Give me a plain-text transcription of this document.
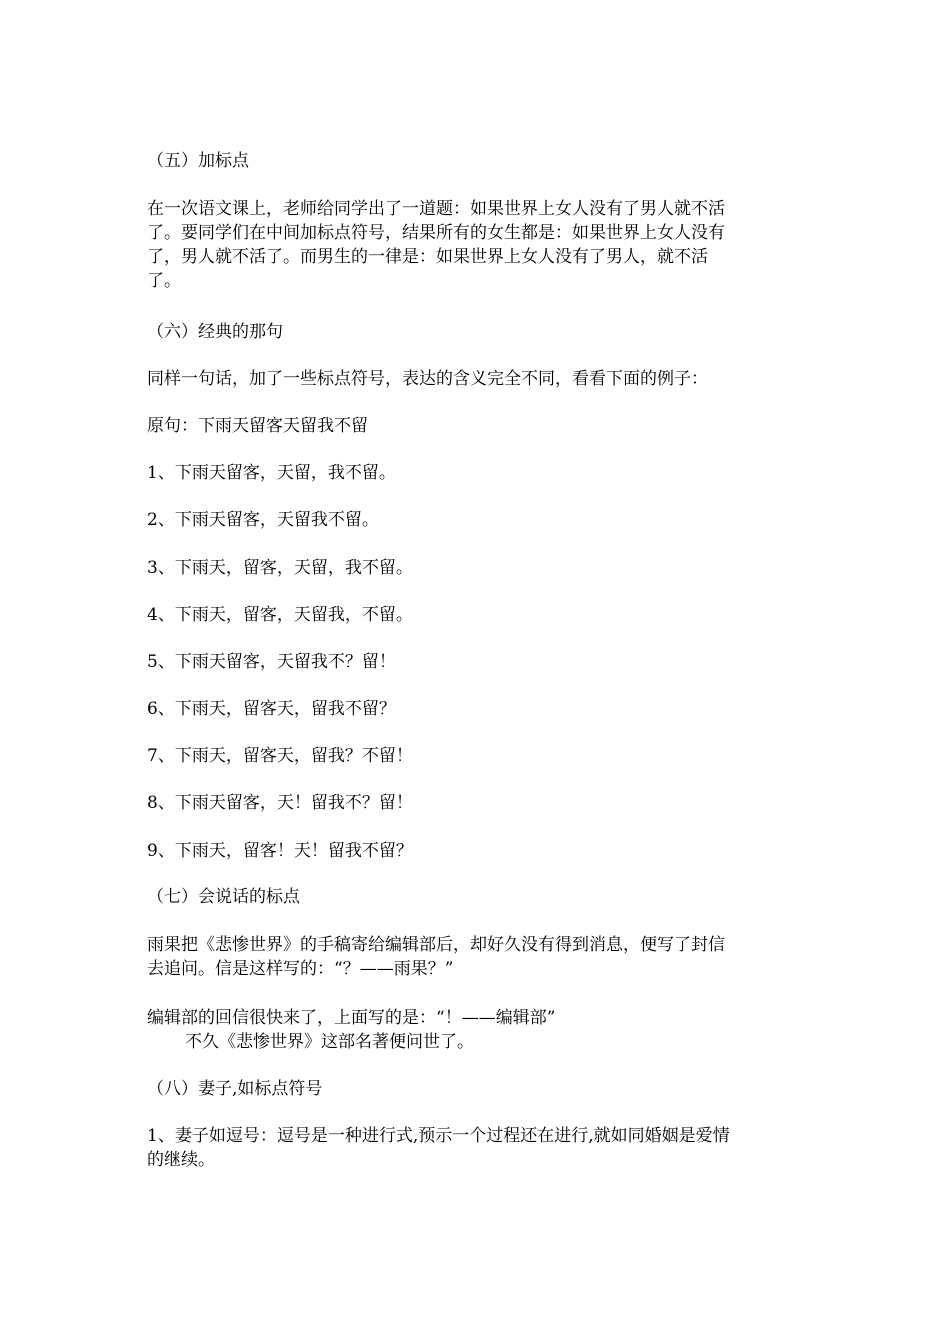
（五）加标点
在一次语文课上，老师给同学出了一道题：如果世界上女人没有了男人就不活
了。要同学们在中间加标点符号，结果所有的女生都是：如果世界上女人没有
了，男人就不活了。而男生的一律是：如果世界上女人没有了男人，就不活
了。
（六）经典的那句
同样一句话，加了一些标点符号，表达的含义完全不同，看看下面的例子：
原句：下雨天留客天留我不留
1、下雨天留客，天留，我不留。
2、下雨天留客，天留我不留。
3、下雨天，留客，天留，我不留。
4、下雨天，留客，天留我，不留。
5、下雨天留客，天留我不？留！
6、下雨天，留客天，留我不留？
7、下雨天，留客天，留我？不留！
8、下雨天留客，天！留我不？留！
9、下雨天，留客！天！留我不留？
（七）会说话的标点
雨果把《悲惨世界》的手稿寄给编辑部后，却好久没有得到消息，便写了封信
去追问。信是这样写的：“？——雨果？”
编辑部的回信很快来了，上面写的是：“！——编辑部”
不久《悲惨世界》这部名著便问世了。
（八）妻子,如标点符号
1、妻子如逗号：逗号是一种进行式,预示一个过程还在进行,就如同婚姻是爱情
的继续。
